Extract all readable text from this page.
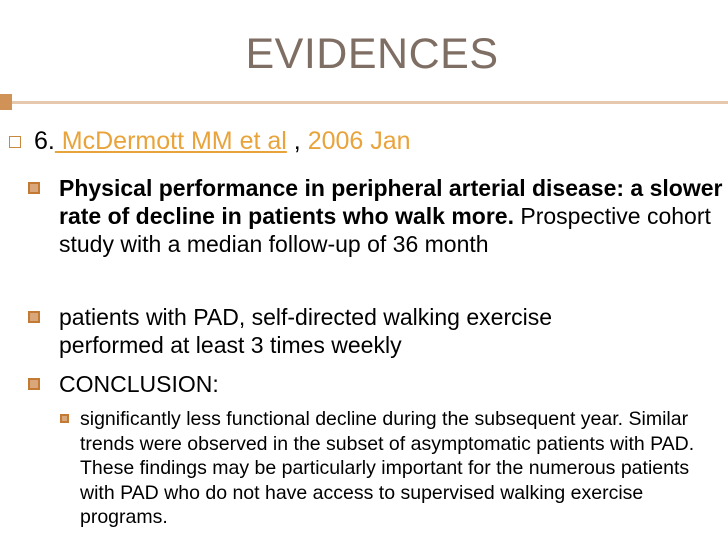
EVIDENCES
6. McDermott MM et al , 2006 Jan
Physical performance in peripheral arterial disease: a slower rate of decline in patients who walk more. Prospective cohort study with a median follow-up of 36 month
patients with PAD, self-directed walking exercise performed at least 3 times weekly
CONCLUSION:
significantly less functional decline during the subsequent year. Similar trends were observed in the subset of asymptomatic patients with PAD. These findings may be particularly important for the numerous patients with PAD who do not have access to supervised walking exercise programs.
